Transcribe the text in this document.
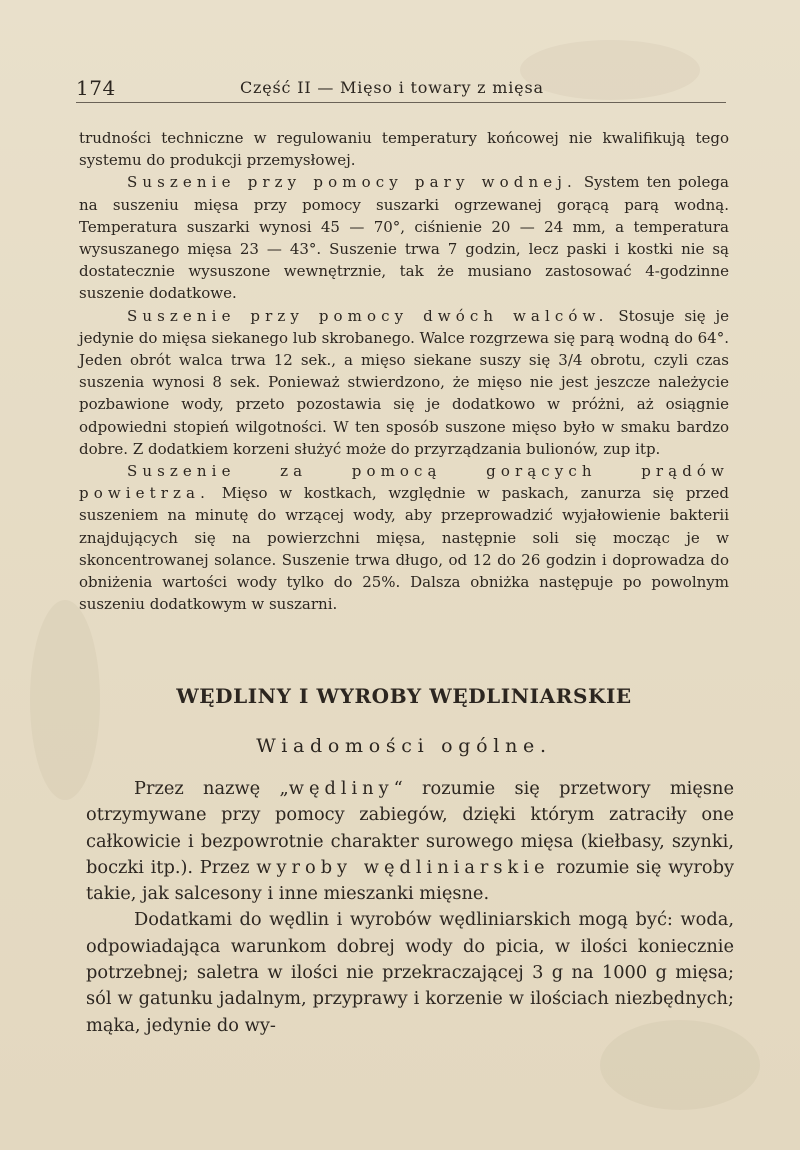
174	Część II — Mięso i towary z mięsa

trudności techniczne w regulowaniu temperatury końcowej nie kwalifikują tego systemu do produkcji przemysłowej.

Suszenie przy pomocy pary wodnej. System ten polega na suszeniu mięsa przy pomocy suszarki ogrzewanej gorącą parą wodną. Temperatura suszarki wynosi 45 — 70°, ciśnienie 20 — 24 mm, a temperatura wysuszanego mięsa 23 — 43°. Suszenie trwa 7 godzin, lecz paski i kostki nie są dostatecznie wysuszone wewnętrznie, tak że musiano zastosować 4-godzinne suszenie dodatkowe.

Suszenie przy pomocy dwóch walców. Stosuje się je jedynie do mięsa siekanego lub skrobanego. Walce rozgrzewa się parą wodną do 64°. Jeden obrót walca trwa 12 sek., a mięso siekane suszy się 3/4 obrotu, czyli czas suszenia wynosi 8 sek. Ponieważ stwierdzono, że mięso nie jest jeszcze należycie pozbawione wody, przeto pozostawia się je dodatkowo w próżni, aż osiągnie odpowiedni stopień wilgotności. W ten sposób suszone mięso było w smaku bardzo dobre. Z dodatkiem korzeni służyć może do przyrządzania bulionów, zup itp.

Suszenie za pomocą gorących prądów powietrza. Mięso w kostkach, względnie w paskach, zanurza się przed suszeniem na minutę do wrzącej wody, aby przeprowadzić wyjałowienie bakterii znajdujących się na powierzchni mięsa, następnie soli się mocząc je w skoncentrowanej solance. Suszenie trwa długo, od 12 do 26 godzin i doprowadza do obniżenia wartości wody tylko do 25%. Dalsza obniżka następuje po powolnym suszeniu dodatkowym w suszarni.

WĘDLINY I WYROBY WĘDLINIARSKIE
Wiadomości ogólne.

Przez nazwę „wędliny“ rozumie się przetwory mięsne otrzymywane przy pomocy zabiegów, dzięki którym zatraciły one całkowicie i bezpowrotnie charakter surowego mięsa (kiełbasy, szynki, boczki itp.). Przez wyroby wędliniarskie rozumie się wyroby takie, jak salcesony i inne mieszanki mięsne.

Dodatkami do wędlin i wyrobów wędliniarskich mogą być: woda, odpowiadająca warunkom dobrej wody do picia, w ilości koniecznie potrzebnej; saletra w ilości nie przekraczającej 3 g na 1000 g mięsa; sól w gatunku jadalnym, przyprawy i korzenie w ilościach niezbędnych; mąka, jedynie do wy-
